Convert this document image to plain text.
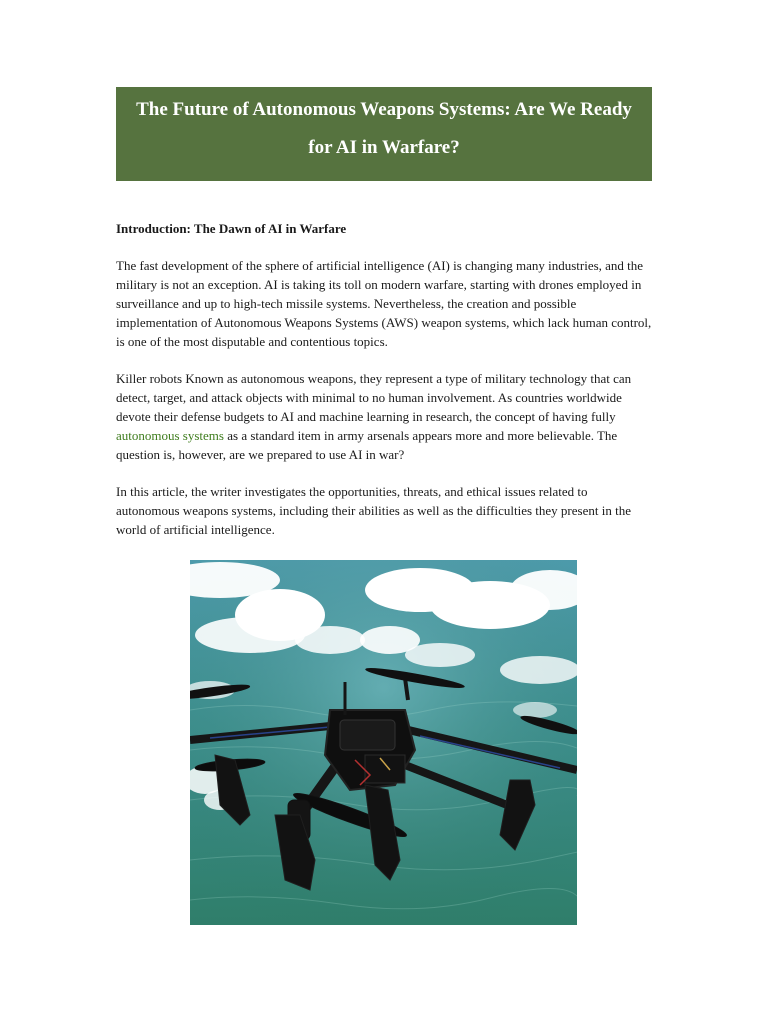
The Future of Autonomous Weapons Systems: Are We Ready for AI in Warfare?
Introduction: The Dawn of AI in Warfare

The fast development of the sphere of artificial intelligence (AI) is changing many industries, and the military is not an exception. AI is taking its toll on modern warfare, starting with drones employed in surveillance and up to high-tech missile systems. Nevertheless, the creation and possible implementation of Autonomous Weapons Systems (AWS) weapon systems, which lack human control, is one of the most disputable and contentious topics.

Killer robots Known as autonomous weapons, they represent a type of military technology that can detect, target, and attack objects with minimal to no human involvement. As countries worldwide devote their defense budgets to AI and machine learning in research, the concept of having fully autonomous systems as a standard item in army arsenals appears more and more believable. The question is, however, are we prepared to use AI in war?

In this article, the writer investigates the opportunities, threats, and ethical issues related to autonomous weapons systems, including their abilities as well as the difficulties they present in the world of artificial intelligence.
